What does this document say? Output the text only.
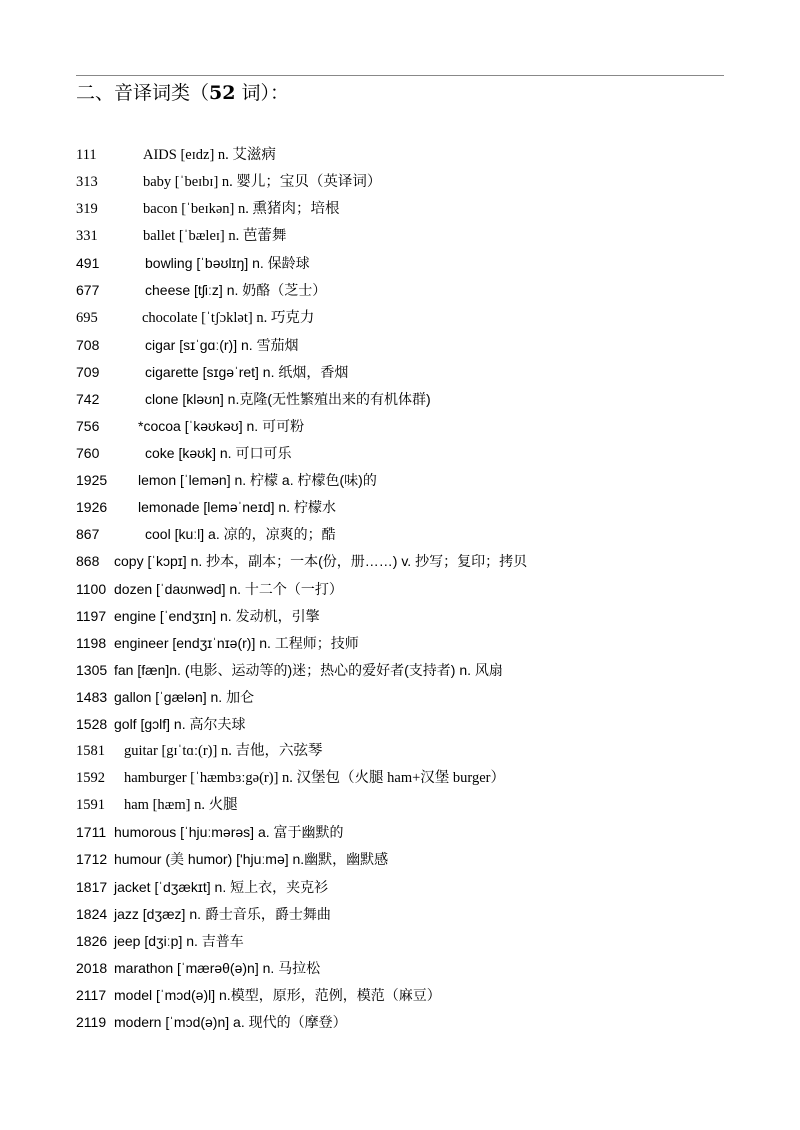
二、音译词类（52 词）：
111	AIDS [eɪdz] n. 艾滋病
313	baby [ˈbeɪbɪ] n. 婴儿；宝贝（英译词）
319	bacon [ˈbeɪkən] n. 熏猪肉；培根
331	ballet [ˈbæleɪ] n. 芭蕾舞
491	bowling [ˈbəʊlɪŋ] n. 保龄球
677	cheese [tʃiːz] n. 奶酪（芝士）
695	chocolate [ˈtʃɔklət] n. 巧克力
708	cigar [sɪˈgɑː(r)] n. 雪茄烟
709	cigarette [sɪgəˈret] n. 纸烟，香烟
742	clone [kləʊn] n.克隆(无性繁殖出来的有机体群)
756	*cocoa [ˈkəʊkəʊ] n. 可可粉
760	coke [kəʊk] n. 可口可乐
1925 lemon [ˈlemən] n. 柠檬 a. 柠檬色(味)的
1926 lemonade [leməˈneɪd] n. 柠檬水
867	cool [kuːl] a. 凉的，凉爽的；酷
868 copy [ˈkɔpɪ] n. 抄本，副本；一本(份，册……) v. 抄写；复印；拷贝
1100 dozen [ˈdaʊnwəd] n. 十二个（一打）
1197 engine [ˈendʒɪn] n. 发动机，引擎
1198 engineer [endʒɪˈnɪə(r)] n. 工程师；技师
1305 fan [fæn]n. (电影、运动等的)迷；热心的爱好者(支持者) n. 风扇
1483 gallon [ˈgælən] n. 加仑
1528 golf [gɔlf] n. 高尔夫球
1581 guitar [gɪˈtɑː(r)] n. 吉他，六弦琴
1592 hamburger [ˈhæmbɜːgə(r)] n. 汉堡包（火腿 ham+汉堡 burger）
1591 ham [hæm] n. 火腿
1711 humorous [ˈhjuːmərəs] a. 富于幽默的
1712 humour (美 humor) ['hjuːmə] n.幽默，幽默感
1817 jacket [ˈdʒækɪt] n. 短上衣，夹克衫
1824 jazz [dʒæz] n. 爵士音乐，爵士舞曲
1826 jeep [dʒiːp] n. 吉普车
2018 marathon [ˈmærəθ(ə)n] n. 马拉松
2117 model [ˈmɔd(ə)l] n.模型，原形，范例，模范（麻豆）
2119 modern [ˈmɔd(ə)n] a. 现代的（摩登）
